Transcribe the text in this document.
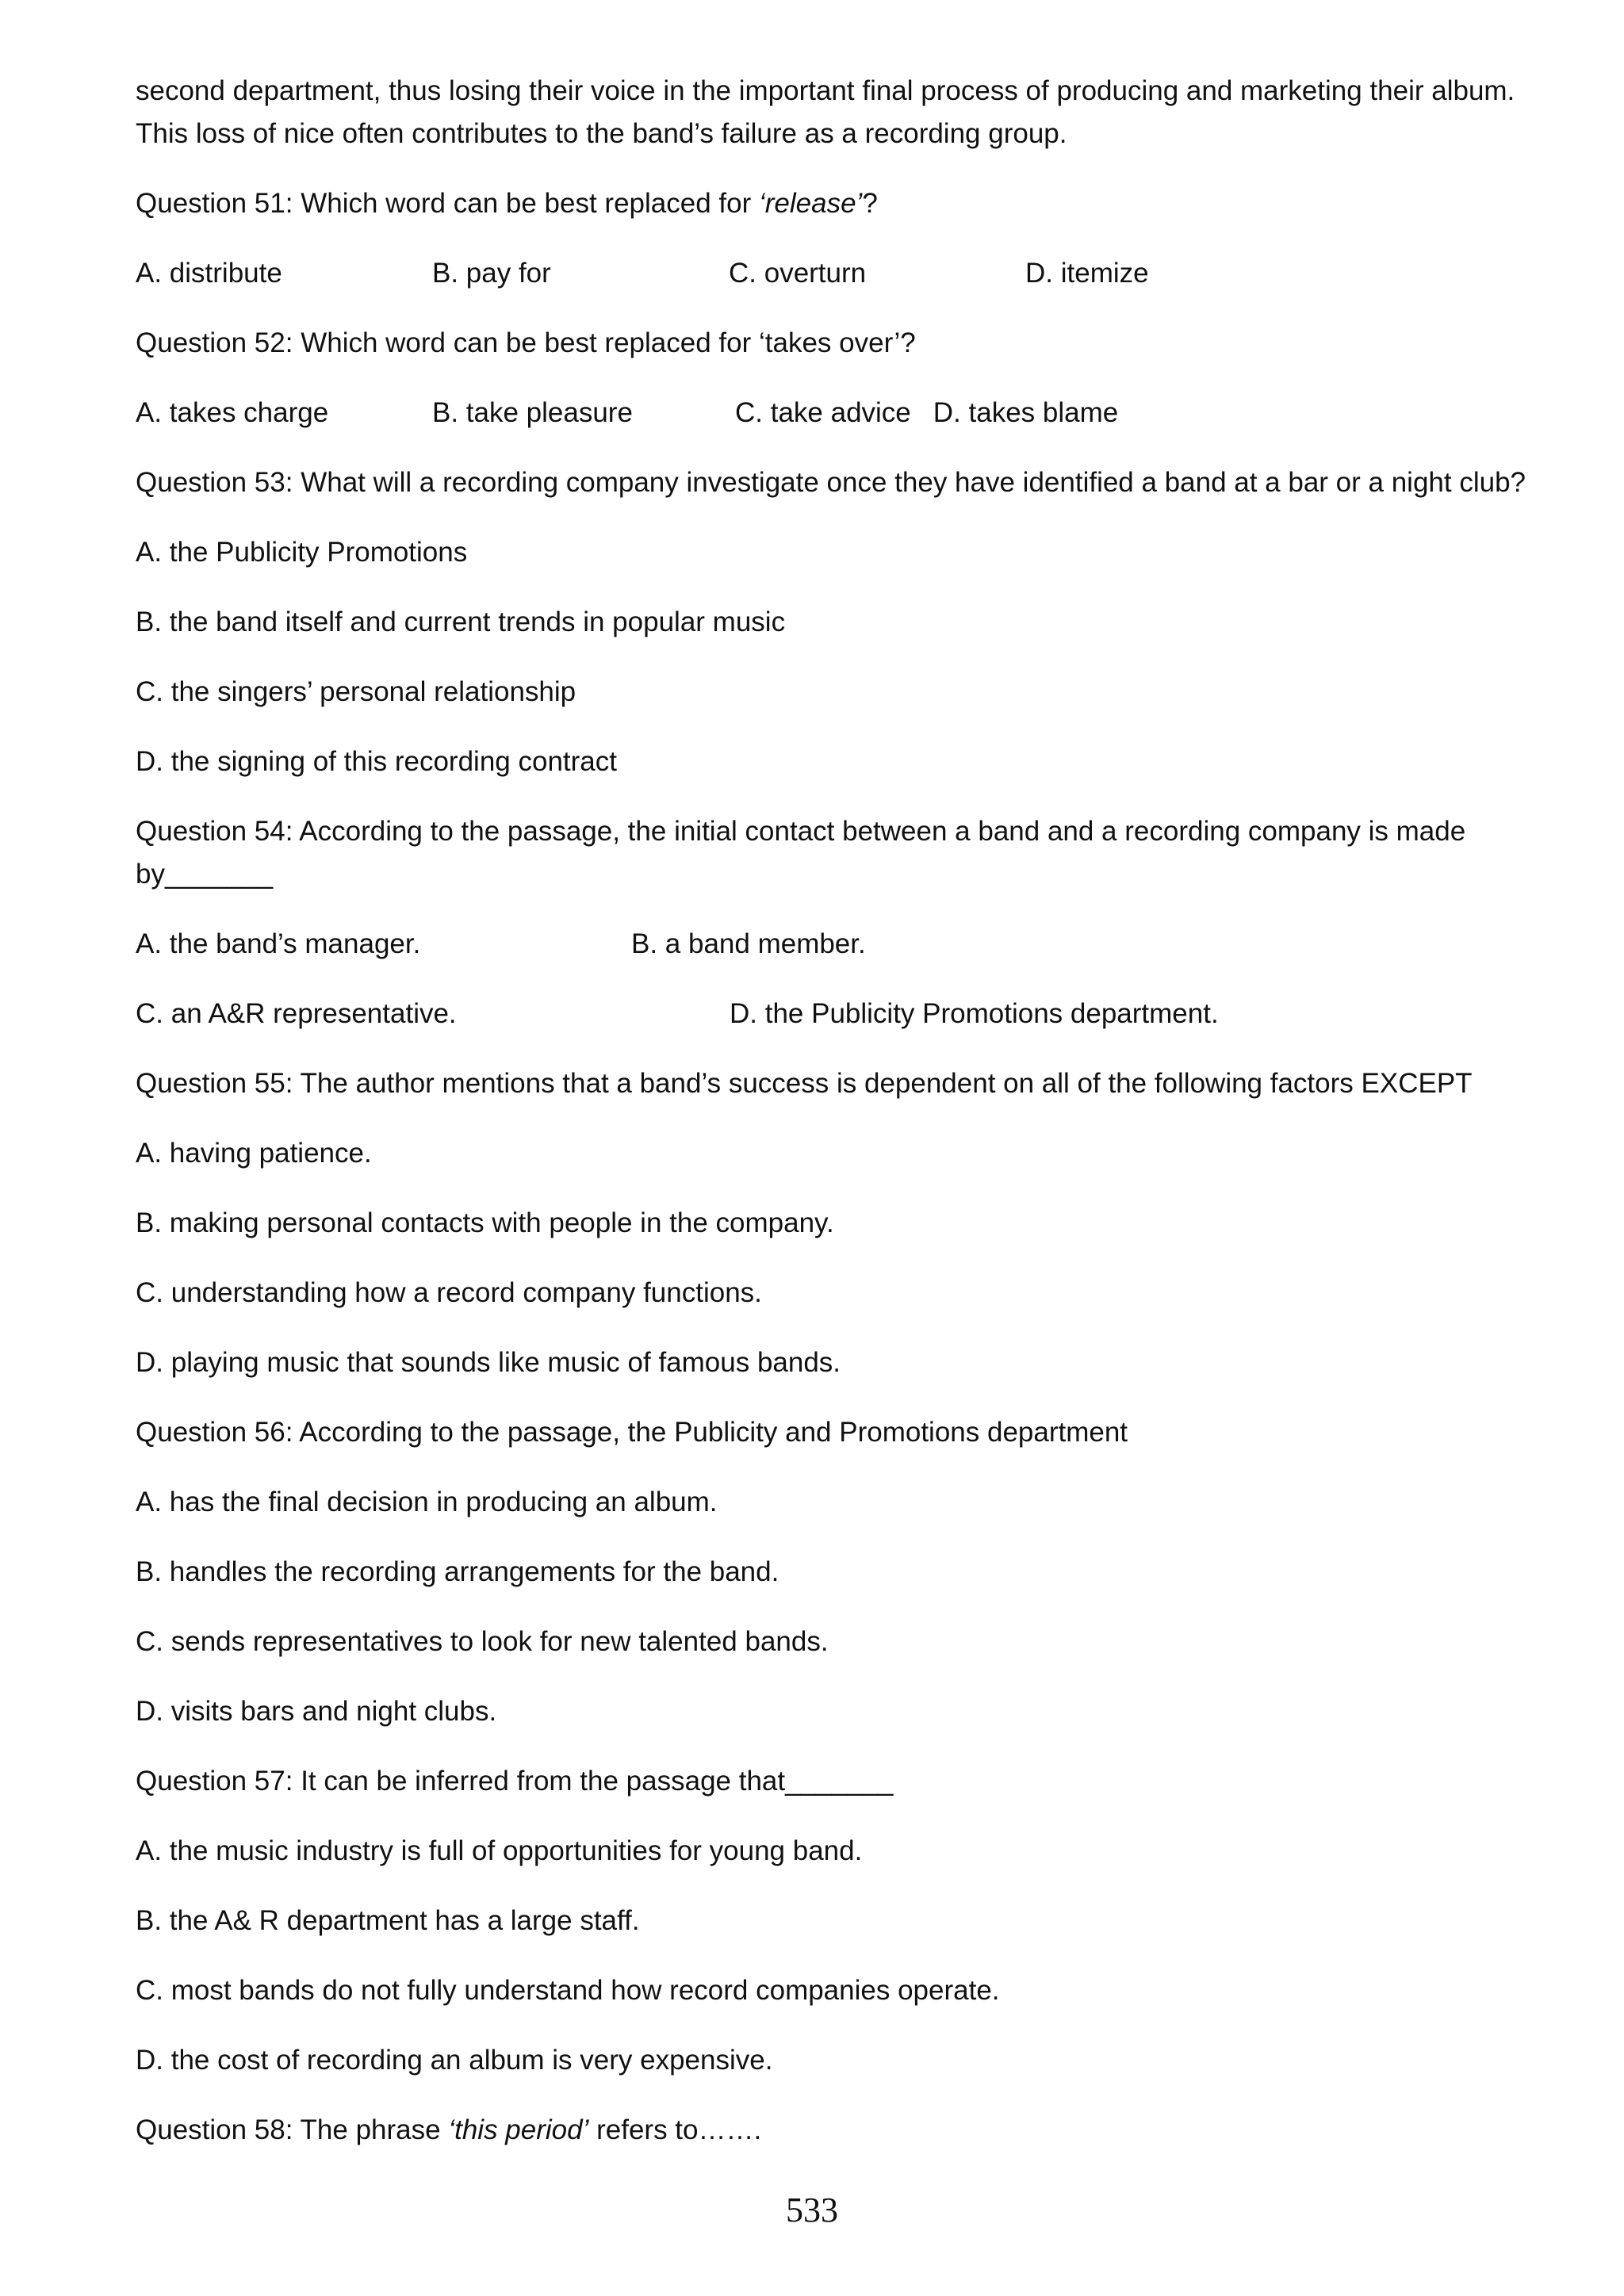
second department, thus losing their voice in the important final process of producing and marketing their album.
This loss of nice often contributes to the band’s failure as a recording group.

Question 51: Which word can be best replaced for ‘release’?
A. distribute	B. pay for	C. overturn	D. itemize
Question 52: Which word can be best replaced for ‘takes over’?
A. takes charge	B. take pleasure	C. take advice D. takes blame
Question 53: What will a recording company investigate once they have identified a band at a bar or a night club?
A. the Publicity Promotions
B. the band itself and current trends in popular music
C. the singers’ personal relationship
D. the signing of this recording contract

Question 54: According to the passage, the initial contact between a band and a recording company is made
by_______

A. the band’s manager.	B. a band member.
C. an A&R representative.	D. the Publicity Promotions department.
Question 55: The author mentions that a band’s success is dependent on all of the following factors EXCEPT
A. having patience.
B. making personal contacts with people in the company.
C. understanding how a record company functions.
D. playing music that sounds like music of famous bands.
Question 56: According to the passage, the Publicity and Promotions department
A. has the final decision in producing an album.
B. handles the recording arrangements for the band.
C. sends representatives to look for new talented bands.
D. visits bars and night clubs.
Question 57: It can be inferred from the passage that_______
A. the music industry is full of opportunities for young band.
B. the A& R department has a large staff.
C. most bands do not fully understand how record companies operate.
D. the cost of recording an album is very expensive.
Question 58: The phrase ‘this period’ refers to…….
533
